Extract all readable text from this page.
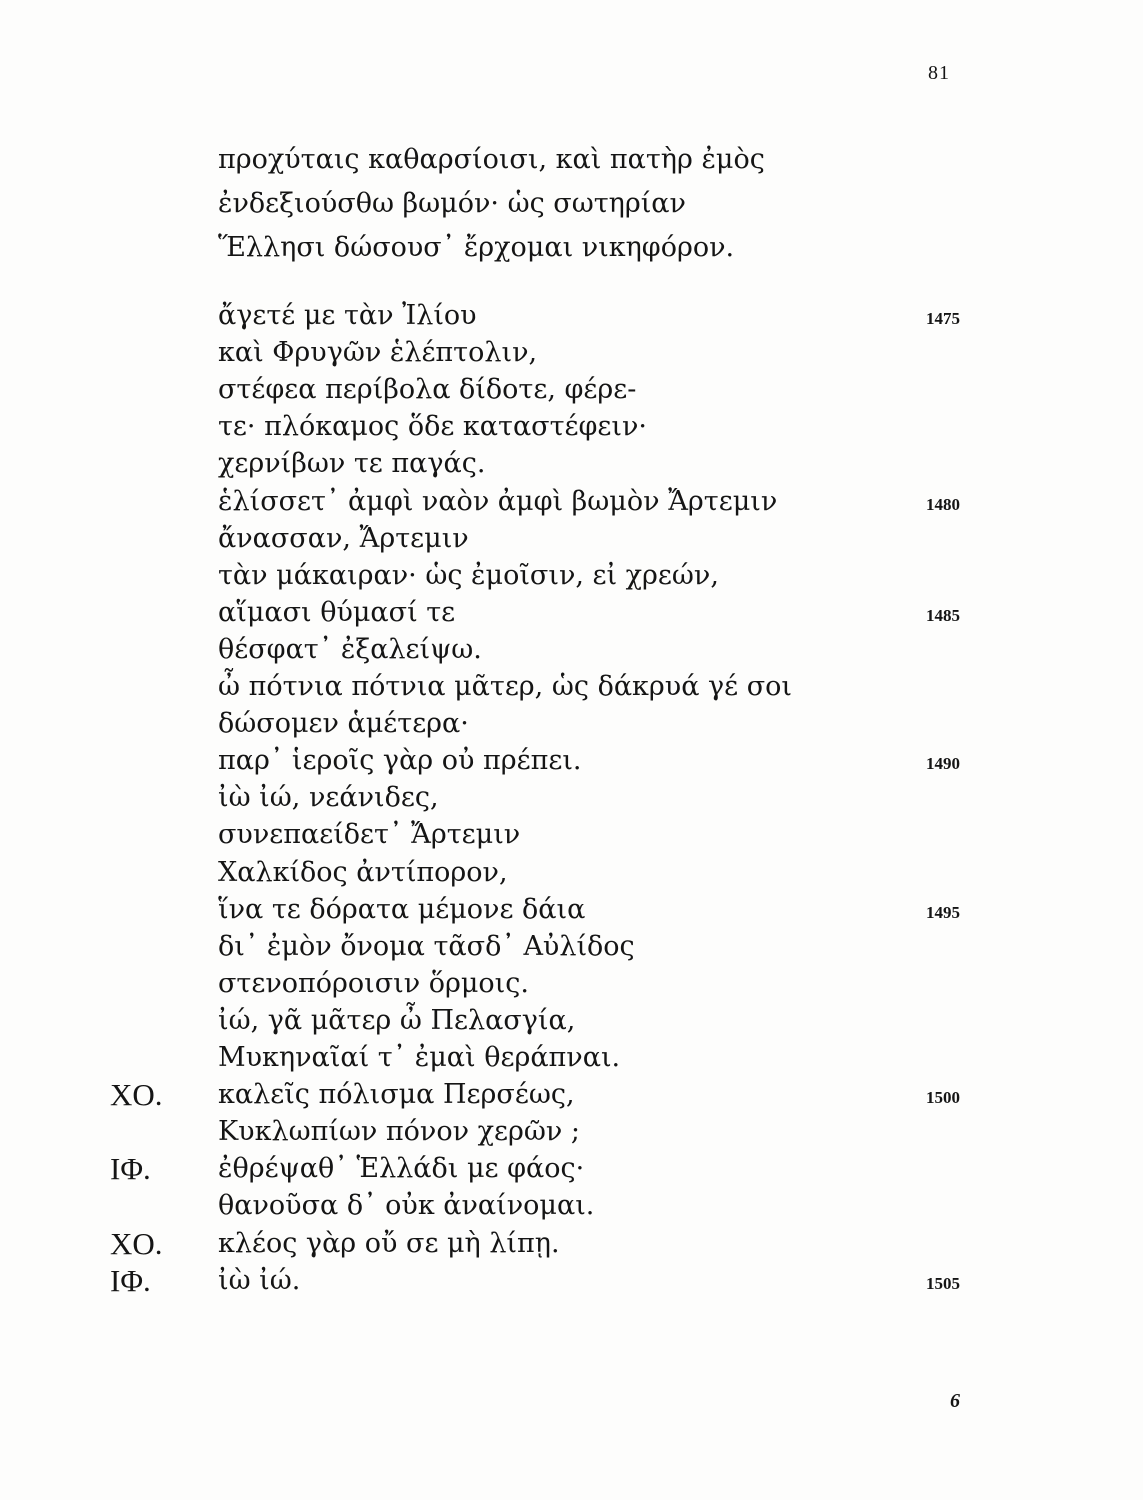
81
προχύταις καθαρσίοισι, καὶ πατὴρ ἐμὸς
ἐνδεξιούσθω βωμόν· ὡς σωτηρίαν
Ἕλλησι δώσουσ᾽ ἔρχομαι νικηφόρον.
ἄγετέ με τὰν Ἰλίου	1475
καὶ Φρυγῶν ἑλέπτολιν,
στέφεα περίβολα δίδοτε, φέρε-
τε· πλόκαμος ὅδε καταστέφειν·
χερνίβων τε παγάς.
ἑλίσσετ᾽ ἀμφὶ ναὸν ἀμφὶ βωμὸν Ἄρτεμιν	1480
ἄνασσαν, Ἄρτεμιν
τὰν μάκαιραν· ὡς ἐμοῖσιν, εἰ χρεών,
αἵμασι θύμασί τε	1485
θέσφατ᾽ ἐξαλείψω.
ὦ πότνια πότνια μᾶτερ, ὡς δάκρυά γέ σοι
δώσομεν ἁμέτερα·
παρ᾽ ἱεροῖς γὰρ οὐ πρέπει.	1490
ἰὼ ἰώ, νεάνιδες,
συνεπαείδετ᾽ Ἄρτεμιν
Χαλκίδος ἀντίπορον,
ἵνα τε δόρατα μέμονε δάια	1495
δι᾽ ἐμὸν ὄνομα τᾶσδ᾽ Αὐλίδος
στενοπόροισιν ὅρμοις.
ἰώ, γᾶ μᾶτερ ὦ Πελασγία,
Μυκηναῖαί τ᾽ ἐμαὶ θεράπναι.
ΧΟ. καλεῖς πόλισμα Περσέως,	1500
Κυκλωπίων πόνον χερῶν ;
ΙΦ. ἐθρέψαθ᾽ Ἑλλάδι με φάος·
θανοῦσα δ᾽ οὐκ ἀναίνομαι.
ΧΟ. κλέος γὰρ οὔ σε μὴ λίπῃ.
ΙΦ. ἰὼ ἰώ.	1505
6
